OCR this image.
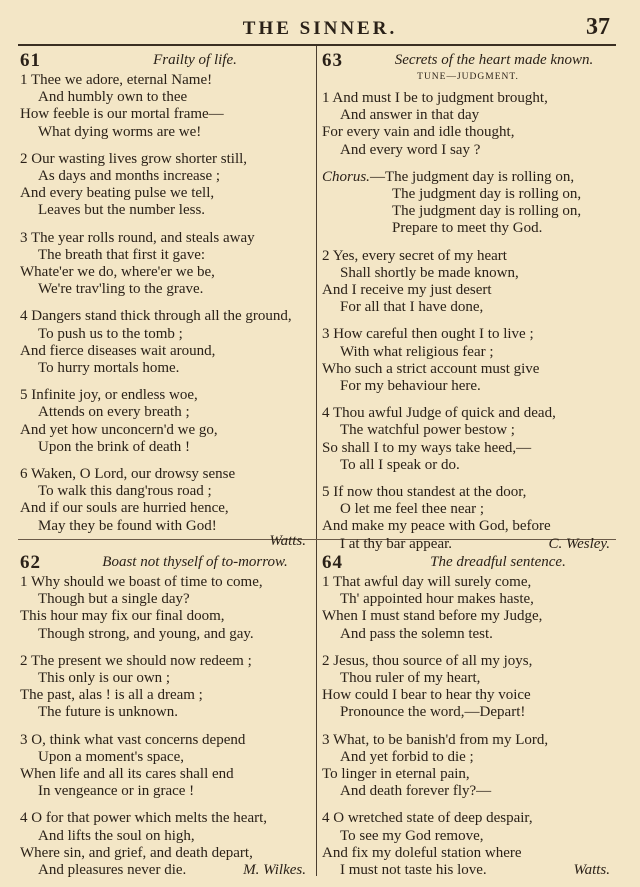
THE SINNER.	37
61	Frailty of life.
1 Thee we adore, eternal Name!
And humbly own to thee
How feeble is our mortal frame—
What dying worms are we!
2 Our wasting lives grow shorter still,
As days and months increase ;
And every beating pulse we tell,
Leaves but the number less.
3 The year rolls round, and steals away
The breath that first it gave:
Whate'er we do, where'er we be,
We're trav'ling to the grave.
4 Dangers stand thick through all the ground,
To push us to the tomb ;
And fierce diseases wait around,
To hurry mortals home.
5 Infinite joy, or endless woe,
Attends on every breath ;
And yet how unconcern'd we go,
Upon the brink of death !
6 Waken, O Lord, our drowsy sense
To walk this dang'rous road ;
And if our souls are hurried hence,
May they be found with God!
Watts.
62	Boast not thyself of to-morrow.
1 Why should we boast of time to come,
Though but a single day?
This hour may fix our final doom,
Though strong, and young, and gay.
2 The present we should now redeem ;
This only is our own ;
The past, alas ! is all a dream ;
The future is unknown.
3 O, think what vast concerns depend
Upon a moment's space,
When life and all its cares shall end
In vengeance or in grace !
4 O for that power which melts the heart,
And lifts the soul on high,
Where sin, and grief, and death depart,
And pleasures never die.	M. Wilkes.
63	Secrets of the heart made known.
TUNE—JUDGMENT.
1 And must I be to judgment brought,
And answer in that day
For every vain and idle thought,
And every word I say ?
Chorus.—The judgment day is rolling on,
The judgment day is rolling on,
The judgment day is rolling on,
Prepare to meet thy God.
2 Yes, every secret of my heart
Shall shortly be made known,
And I receive my just desert
For all that I have done,
3 How careful then ought I to live ;
With what religious fear ;
Who such a strict account must give
For my behaviour here.
4 Thou awful Judge of quick and dead,
The watchful power bestow ;
So shall I to my ways take heed,—
To all I speak or do.
5 If now thou standest at the door,
O let me feel thee near ;
And make my peace with God, before
I at thy bar appear.	C. Wesley.
64	The dreadful sentence.
1 That awful day will surely come,
Th' appointed hour makes haste,
When I must stand before my Judge,
And pass the solemn test.
2 Jesus, thou source of all my joys,
Thou ruler of my heart,
How could I bear to hear thy voice
Pronounce the word,—Depart!
3 What, to be banish'd from my Lord,
And yet forbid to die ;
To linger in eternal pain,
And death forever fly?—
4 O wretched state of deep despair,
To see my God remove,
And fix my doleful station where
I must not taste his love.	Watts.
